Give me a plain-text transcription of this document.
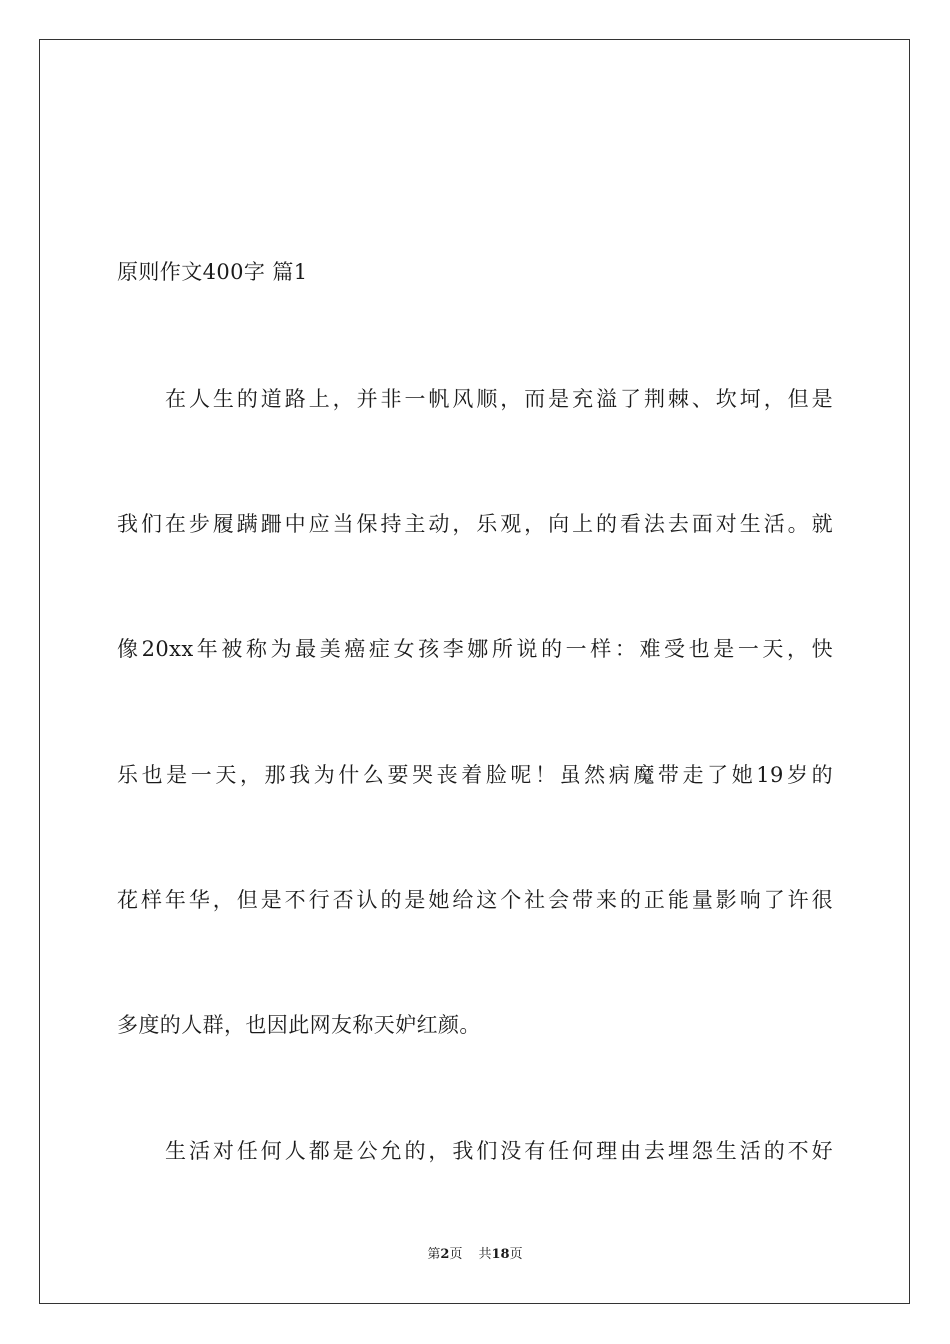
原则作文400字 篇1
在人生的道路上，并非一帆风顺，而是充溢了荆棘、坎坷，但是
我们在步履蹒跚中应当保持主动，乐观，向上的看法去面对生活。就
像20xx年被称为最美癌症女孩李娜所说的一样：难受也是一天，快
乐也是一天，那我为什么要哭丧着脸呢！虽然病魔带走了她19岁的
花样年华，但是不行否认的是她给这个社会带来的正能量影响了许很
多度的人群，也因此网友称天妒红颜。
生活对任何人都是公允的，我们没有任何理由去埋怨生活的不好
第2页 共18页
